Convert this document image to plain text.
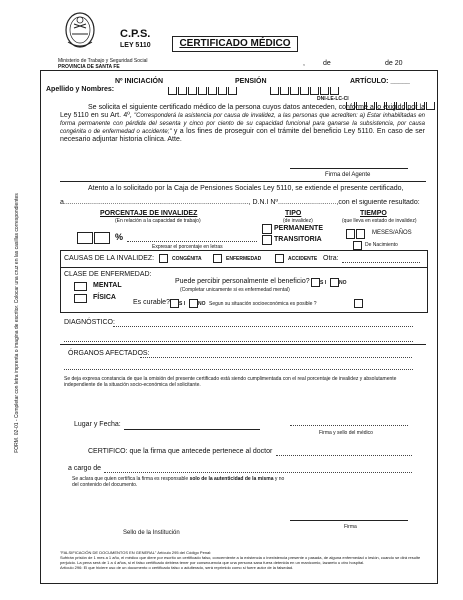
FORM. 02-01 - Completar con letra imprenta o imagina de escritor. Colocar una cruz en las casillas correspondientes
C.P.S.
LEY 5110
Ministerio de Trabajo y Seguridad Social
PROVINCIA DE SANTA FE
CERTIFICADO MÉDICO
,	de	de 20
Nº INICIACIÓN	PENSIÓN	ARTÍCULO: _____
Apellido y Nombres:
DNI-LE-LC-CI
Se solicita el siguiente certificado médico de la persona cuyos datos anteceden, conforme a lo exigido por la Ley 5110 en su Art. 4º, "Corresponderá la asistencia por causa de invalidez, a las personas que acrediten: a) Estar inhabilitadas en forma permanente con pérdida del sesenta y cinco por ciento de su capacidad funcional para ganarse la subsistencia, por causa congénita o de enfermedad o accidente;" y a los fines de proseguir con el trámite del beneficio Ley 5110. En caso de ser necesario adjuntar historia clínica. Atte.
Firma del Agente
Atento a lo solicitado por la Caja de Pensiones Sociales Ley 5110, se extiende el presente certificado,
a..............................................................................................., D.N.I Nº..............................,con el siguiente resultado:
PORCENTAJE DE INVALIDEZ
(En relación a la capacidad de trabajo)
TIPO
(de invalidez)
TIEMPO
(que lleva en estado de invalidez)
%
Expresar el porcentaje en letras
PERMANENTE
TRANSITORIA
MESES/AÑOS
De Nacimiento
CAUSAS DE LA INVALIDEZ:	CONGÉNITA	ENFERMEDAD	ACCIDENTE Otra:
CLASE DE ENFERMEDAD:
MENTAL
FÍSICA
Puede percibir personalmente el beneficio? S I	NO
(Completar unicamente si es enfermedad mental)
Es curable? S I	NO Segun su situación socioeconómica es posible ?
DIAGNÓSTICO:
ÓRGANOS AFECTADOS:
Se deja expresa constancia de que la omisión del presente certificado está siendo cumplimentada con el real porcentaje de invalidez y absolutamente independiente de la situación socio-económica del solicitante.
Lugar y Fecha:
Firma y sello del médico
CERTIFICO: que la firma que antecede pertenece al doctor
a cargo de
Se aclara que quien certifica la firma es responsable solo de la autenticidad de la misma y no del contenido del documento.
Sello de la Institución
Firma
"FALSIFICACIÓN DE DOCUMENTOS EN GENERAL" Artículo 295 del Código Penal:
Sufrirán prisión de 1 mes a 1 año, el médico que diere por escrito un certificado falso, concerniente a la existencia o inexistencia presente o pasada, de alguna enfermedad o lesión, cuando se dirá resulte perjuicio. La pena será de 1 a 4 años, si el falso certificado debiera tener por consecuencia que una persona sana fuera detenida en un manicomio, lazareto u otro hospital.
Artículo 296: El que hiciere uso de un documento o certificado falso o adulterado, será reprimido como si fuere autor de la falsedad.
